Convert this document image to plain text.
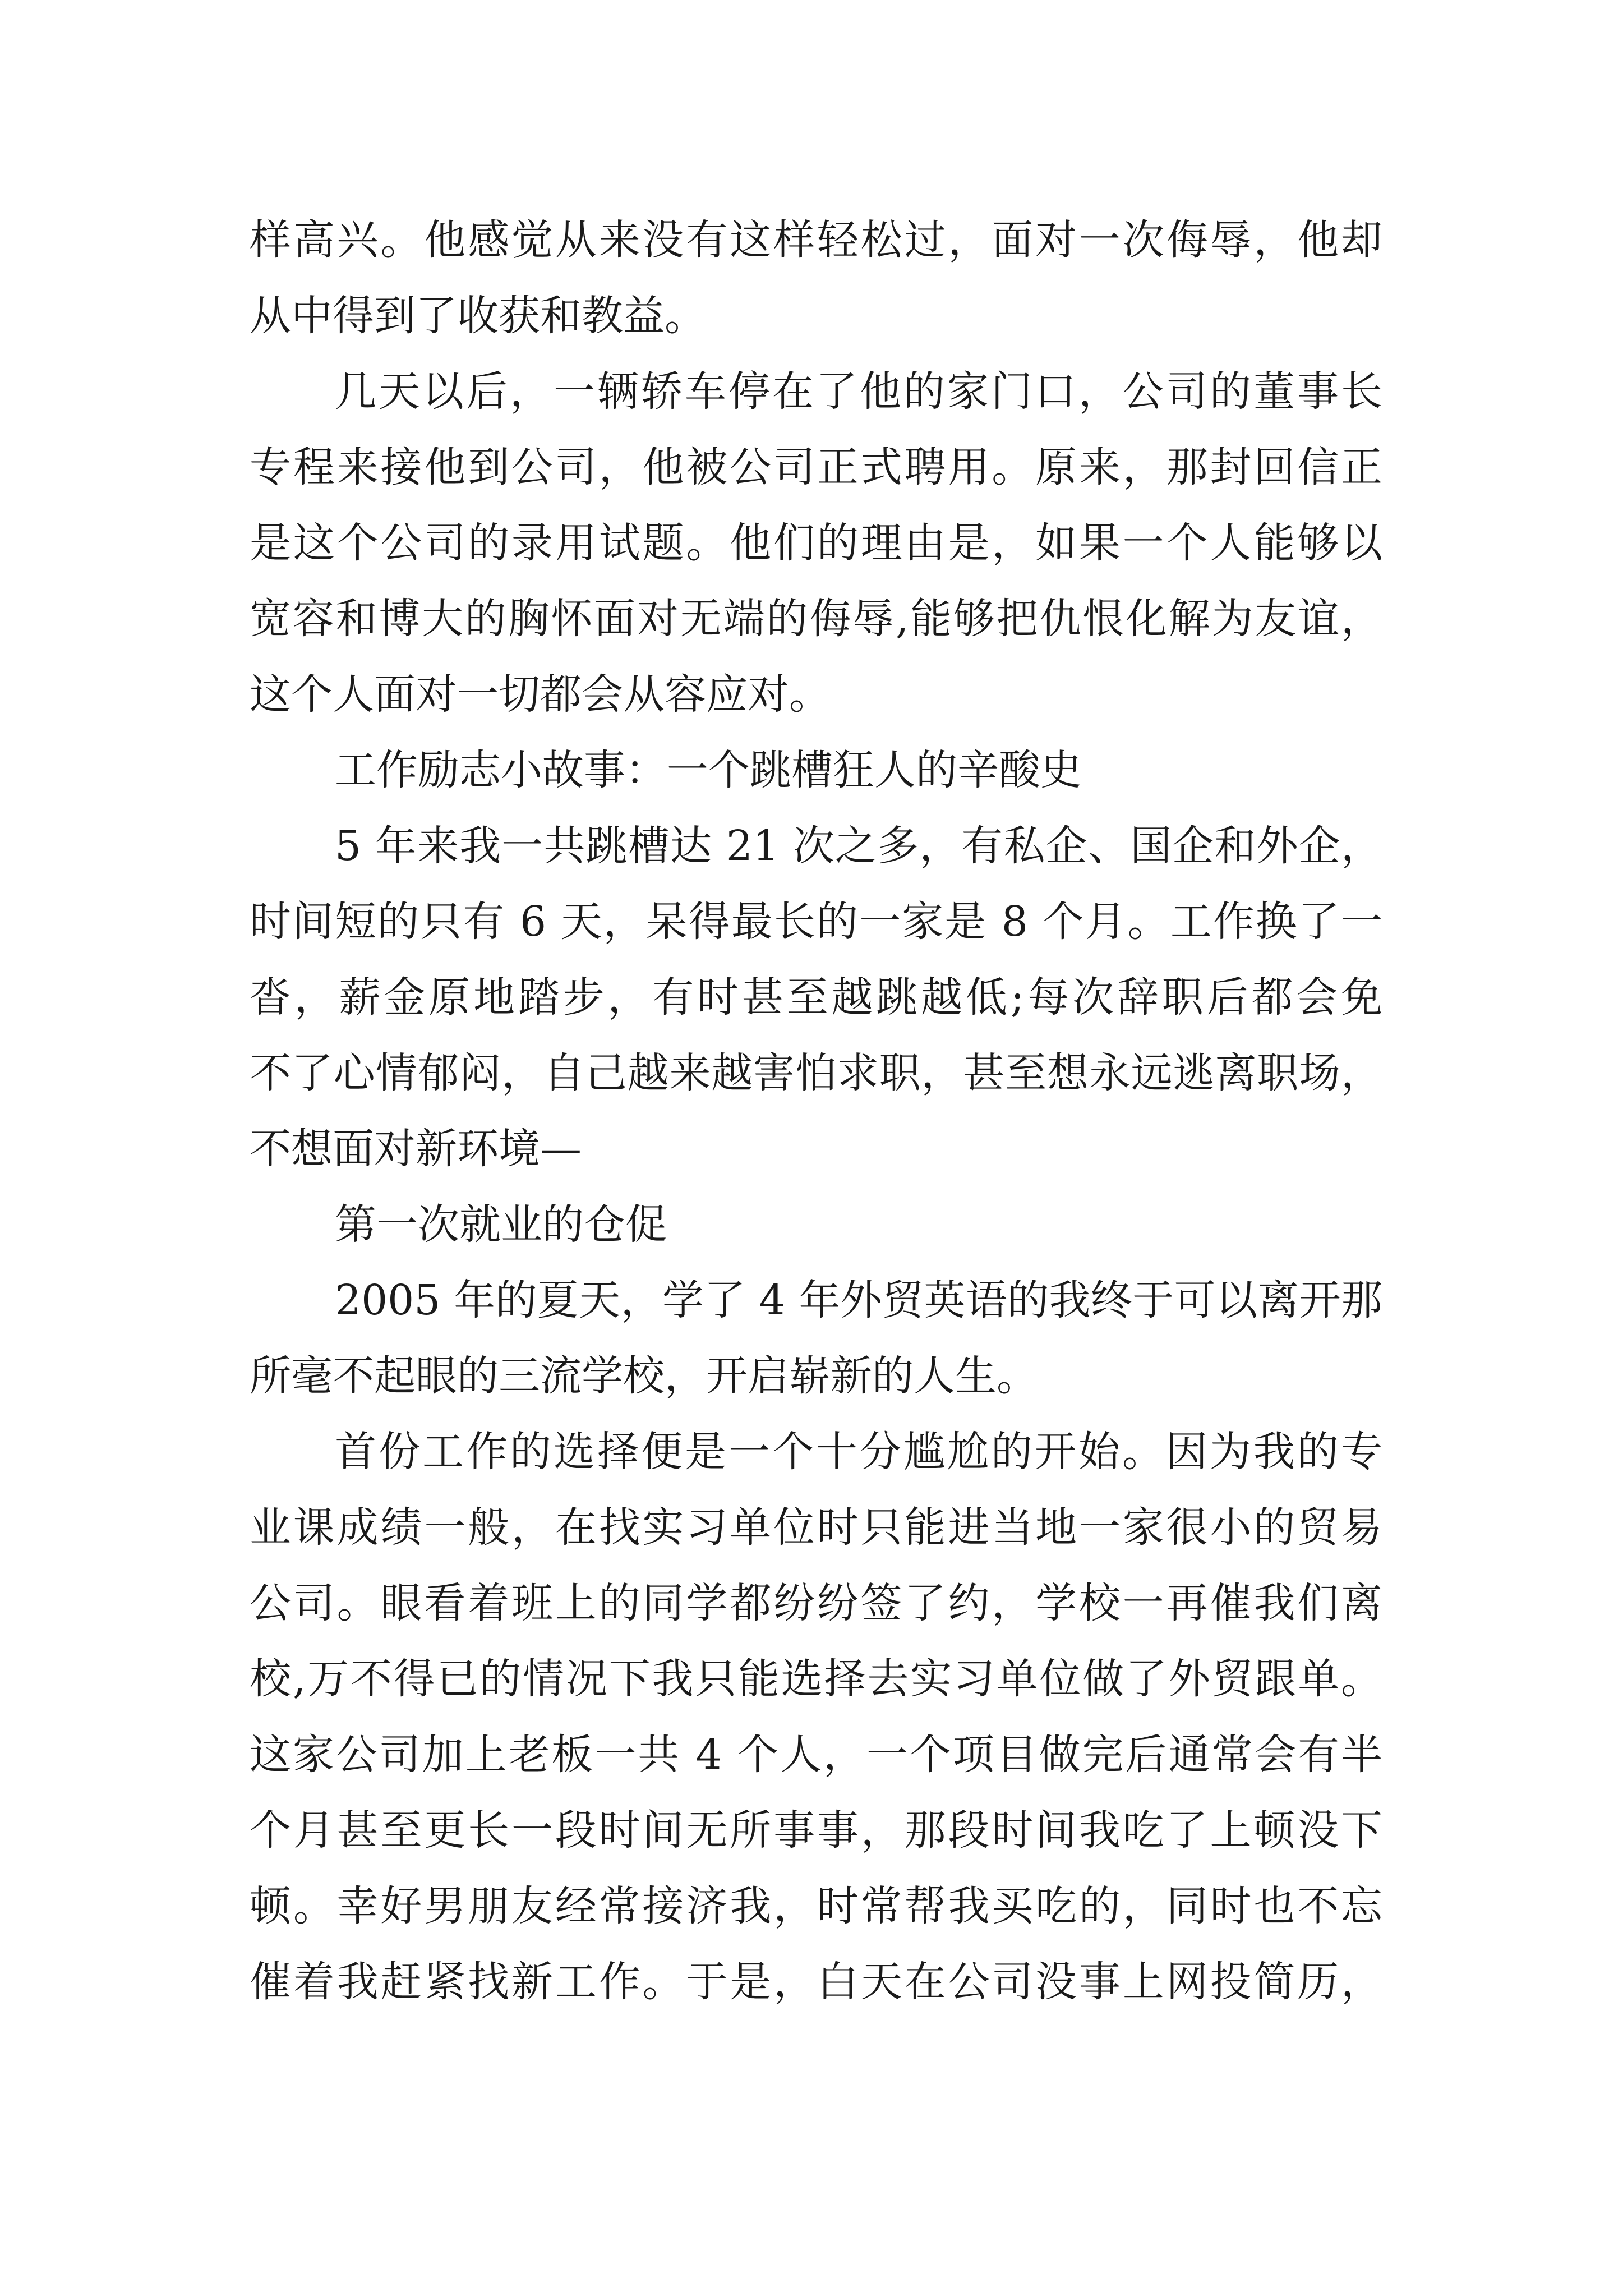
样高兴。他感觉从来没有这样轻松过，面对一次侮辱，他却
从中得到了收获和教益。
几天以后，一辆轿车停在了他的家门口，公司的董事长
专程来接他到公司，他被公司正式聘用。原来，那封回信正
是这个公司的录用试题。他们的理由是，如果一个人能够以
宽容和博大的胸怀面对无端的侮辱,能够把仇恨化解为友谊，
这个人面对一切都会从容应对。
工作励志小故事：一个跳槽狂人的辛酸史
5 年来我一共跳槽达 21 次之多，有私企、国企和外企，
时间短的只有 6 天，呆得最长的一家是 8 个月。工作换了一
沓，薪金原地踏步，有时甚至越跳越低;每次辞职后都会免
不了心情郁闷，自己越来越害怕求职，甚至想永远逃离职场，
不想面对新环境—
第一次就业的仓促
2005 年的夏天，学了 4 年外贸英语的我终于可以离开那
所毫不起眼的三流学校，开启崭新的人生。
首份工作的选择便是一个十分尴尬的开始。因为我的专
业课成绩一般，在找实习单位时只能进当地一家很小的贸易
公司。眼看着班上的同学都纷纷签了约，学校一再催我们离
校,万不得已的情况下我只能选择去实习单位做了外贸跟单。
这家公司加上老板一共 4 个人，一个项目做完后通常会有半
个月甚至更长一段时间无所事事，那段时间我吃了上顿没下
顿。幸好男朋友经常接济我，时常帮我买吃的，同时也不忘
催着我赶紧找新工作。于是，白天在公司没事上网投简历，
